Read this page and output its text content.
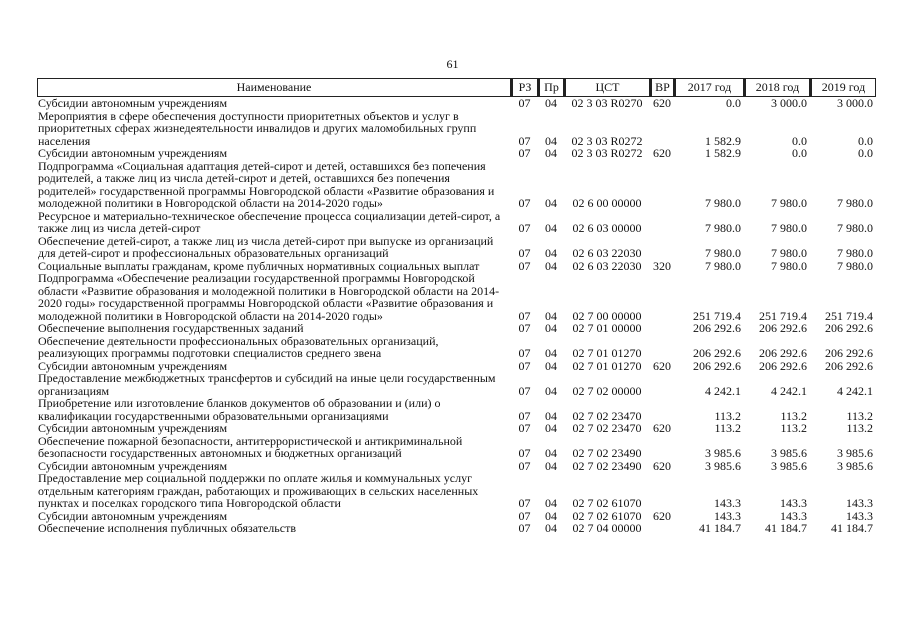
61
Наименование	РЗ	Пр	ЦСТ	ВР	2017 год	2018 год	2019 год
Субсидии автономным учреждениям	07	04	02 3 03 R0270	620	0.0	3 000.0	3 000.0
Мероприятия в сфере обеспечения доступности приоритетных объектов и услуг в приоритетных сферах жизнедеятельности инвалидов и других маломобильных групп населения	07	04	02 3 03 R0272		1 582.9	0.0	0.0
Субсидии автономным учреждениям	07	04	02 3 03 R0272	620	1 582.9	0.0	0.0
Подпрограмма «Социальная адаптация детей-сирот и детей, оставшихся без попечения родителей, а также лиц из числа детей-сирот и детей, оставшихся без попечения родителей» государственной программы Новгородской области «Развитие образования и молодежной политики в Новгородской области на 2014-2020 годы»	07	04	02 6 00 00000		7 980.0	7 980.0	7 980.0
Ресурсное и материально-техническое обеспечение процесса социализации детей-сирот, а также лиц из числа детей-сирот	07	04	02 6 03 00000		7 980.0	7 980.0	7 980.0
Обеспечение детей-сирот, а также лиц из числа детей-сирот при выпуске из организаций для детей-сирот и профессиональных образовательных организаций	07	04	02 6 03 22030		7 980.0	7 980.0	7 980.0
Социальные выплаты гражданам, кроме публичных нормативных социальных выплат	07	04	02 6 03 22030	320	7 980.0	7 980.0	7 980.0
Подпрограмма «Обеспечение реализации государственной программы Новгородской области «Развитие образования и молодежной политики в Новгородской области на 2014-2020 годы» государственной программы Новгородской области «Развитие образования и молодежной политики в Новгородской области на 2014-2020 годы»	07	04	02 7 00 00000		251 719.4	251 719.4	251 719.4
Обеспечение выполнения государственных заданий	07	04	02 7 01 00000		206 292.6	206 292.6	206 292.6
Обеспечение деятельности профессиональных образовательных организаций, реализующих программы подготовки специалистов среднего звена	07	04	02 7 01 01270		206 292.6	206 292.6	206 292.6
Субсидии автономным учреждениям	07	04	02 7 01 01270	620	206 292.6	206 292.6	206 292.6
Предоставление межбюджетных трансфертов и субсидий на иные цели государственным организациям	07	04	02 7 02 00000		4 242.1	4 242.1	4 242.1
Приобретение или изготовление бланков документов об образовании и (или) о квалификации государственными образовательными организациями	07	04	02 7 02 23470		113.2	113.2	113.2
Субсидии автономным учреждениям	07	04	02 7 02 23470	620	113.2	113.2	113.2
Обеспечение пожарной безопасности, антитеррористической и антикриминальной безопасности государственных автономных и бюджетных организаций	07	04	02 7 02 23490		3 985.6	3 985.6	3 985.6
Субсидии автономным учреждениям	07	04	02 7 02 23490	620	3 985.6	3 985.6	3 985.6
Предоставление мер социальной поддержки по оплате жилья и коммунальных услуг отдельным категориям граждан, работающих и проживающих в сельских населенных пунктах и поселках городского типа Новгородской области	07	04	02 7 02 61070		143.3	143.3	143.3
Субсидии автономным учреждениям	07	04	02 7 02 61070	620	143.3	143.3	143.3
Обеспечение исполнения публичных обязательств	07	04	02 7 04 00000		41 184.7	41 184.7	41 184.7
